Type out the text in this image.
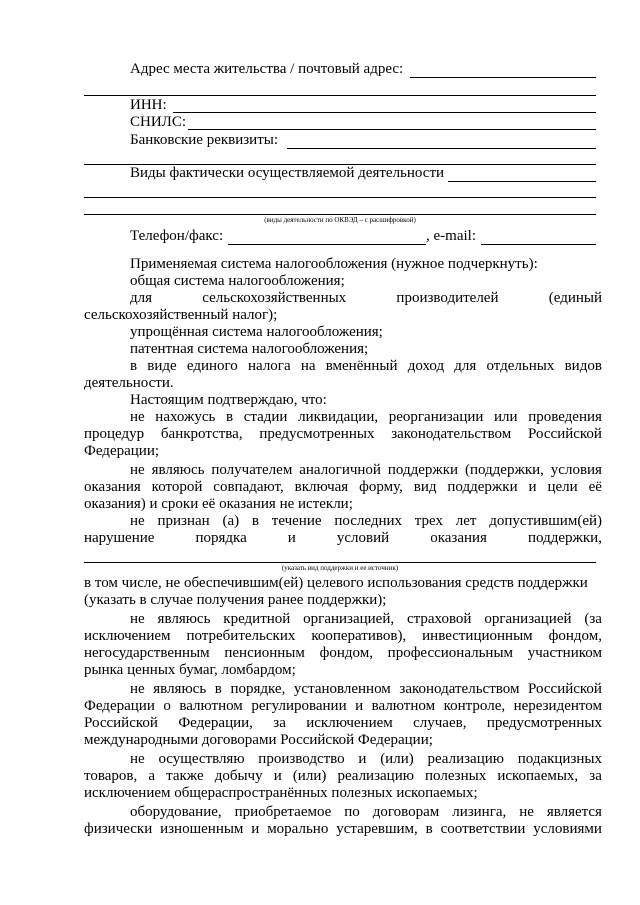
Адрес места жительства / почтовый адрес:
ИНН:
СНИЛС:
Банковские реквизиты:
Виды фактически осуществляемой деятельности
(виды деятельности по ОКВЭД – с расшифровкой)
Телефон/факс:	, e-mail:
Применяемая система налогообложения (нужное подчеркнуть):
общая система налогообложения;
для	сельскохозяйственных	производителей	(единый
сельскохозяйственный налог);
упрощённая система налогообложения;
патентная система налогообложения;
в виде единого налога на вменённый доход для отдельных видов
деятельности.
Настоящим подтверждаю, что:
не нахожусь в стадии ликвидации, реорганизации или проведения
процедур банкротства, предусмотренных законодательством Российской
Федерации;
не являюсь получателем аналогичной поддержки (поддержки, условия
оказания которой совпадают, включая форму, вид поддержки и цели её
оказания) и сроки её оказания не истекли;
не признан (а) в течение последних трех лет допустившим(ей)
нарушение	порядка	и	условий	оказания	поддержки,
(указать вид поддержки и ее источник)
в том числе, не обеспечившим(ей) целевого использования средств поддержки
(указать в случае получения ранее поддержки);
не являюсь кредитной организацией, страховой организацией (за
исключением потребительских кооперативов), инвестиционным фондом,
негосударственным пенсионным фондом, профессиональным участником
рынка ценных бумаг, ломбардом;
не являюсь в порядке, установленном законодательством Российской
Федерации о валютном регулировании и валютном контроле, нерезидентом
Российской Федерации, за исключением случаев, предусмотренных
международными договорами Российской Федерации;
не осуществляю производство и (или) реализацию подакцизных
товаров, а также добычу и (или) реализацию полезных ископаемых, за
исключением общераспространённых полезных ископаемых;
оборудование, приобретаемое по договорам лизинга, не является
физически изношенным и морально устаревшим, в соответствии условиями
